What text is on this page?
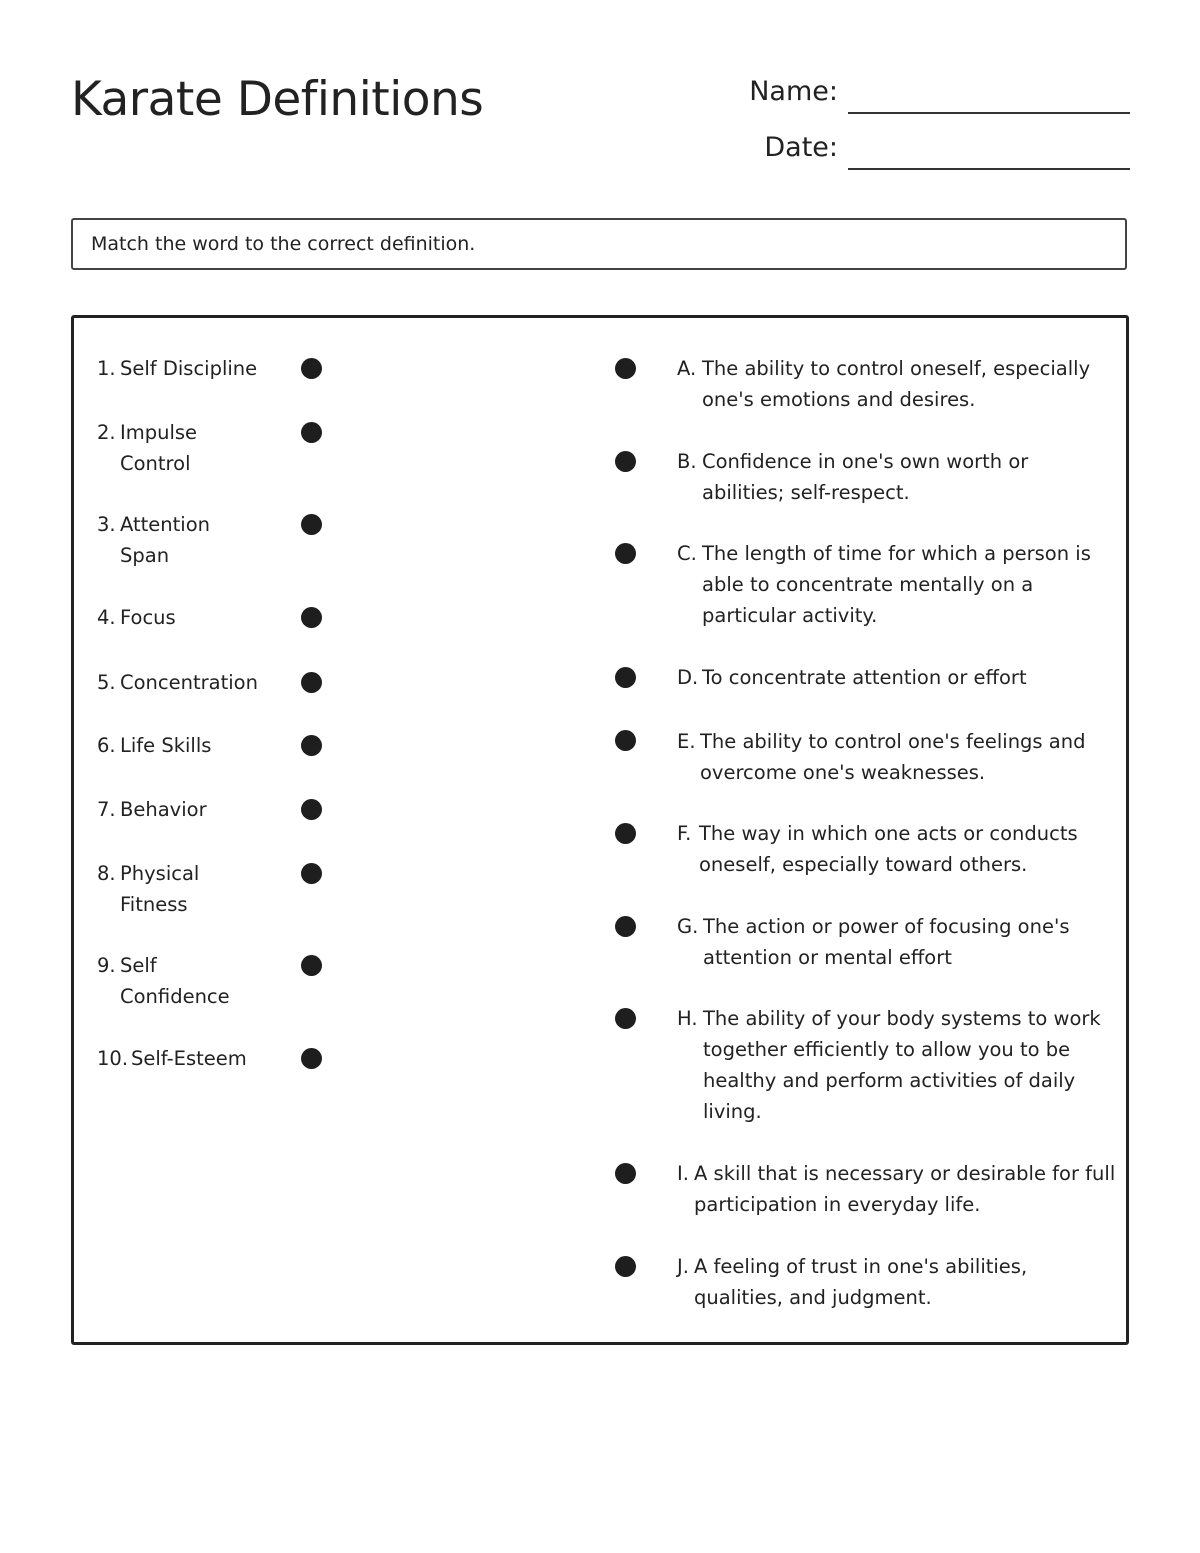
Karate Definitions	Name:
Date:
Match the word to the correct definition.
1. Self Discipline
2. Impulse Control
3. Attention Span
4. Focus
5. Concentration
6. Life Skills
7. Behavior
8. Physical Fitness
9. Self Confidence
10. Self-Esteem
A. The ability to control oneself, especially one's emotions and desires.
B. Confidence in one's own worth or abilities; self-respect.
C. The length of time for which a person is able to concentrate mentally on a particular activity.
D. To concentrate attention or effort
E. The ability to control one's feelings and overcome one's weaknesses.
F. The way in which one acts or conducts oneself, especially toward others.
G. The action or power of focusing one's attention or mental effort
H. The ability of your body systems to work together efficiently to allow you to be healthy and perform activities of daily living.
I. A skill that is necessary or desirable for full participation in everyday life.
J. A feeling of trust in one's abilities, qualities, and judgment.
